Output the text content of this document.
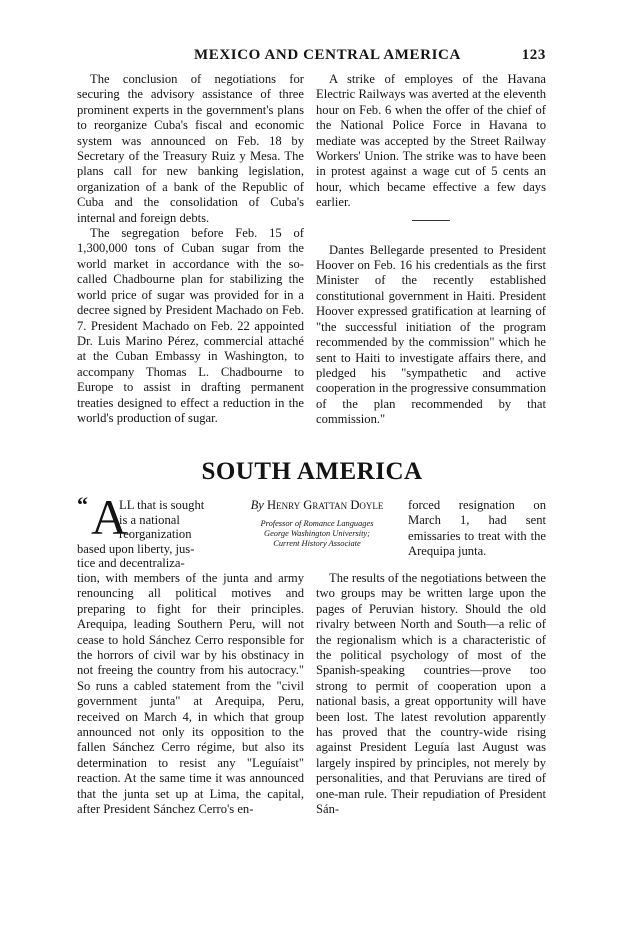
MEXICO AND CENTRAL AMERICA	123

The conclusion of negotiations for securing the advisory assistance of three prominent experts in the government's plans to reorganize Cuba's fiscal and economic system was announced on Feb. 18 by Secretary of the Treasury Ruiz y Mesa. The plans call for new banking legislation, organization of a bank of the Republic of Cuba and the consolidation of Cuba's internal and foreign debts.

The segregation before Feb. 15 of 1,300,000 tons of Cuban sugar from the world market in accordance with the so-called Chadbourne plan for stabilizing the world price of sugar was provided for in a decree signed by President Machado on Feb. 7. President Machado on Feb. 22 appointed Dr. Luis Marino Pérez, commercial attaché at the Cuban Embassy in Washington, to accompany Thomas L. Chadbourne to Europe to assist in drafting permanent treaties designed to effect a reduction in the world's production of sugar.

A strike of employes of the Havana Electric Railways was averted at the eleventh hour on Feb. 6 when the offer of the chief of the National Police Force in Havana to mediate was accepted by the Street Railway Workers' Union. The strike was to have been in protest against a wage cut of 5 cents an hour, which became effective a few days earlier.

Dantes Bellegarde presented to President Hoover on Feb. 16 his credentials as the first Minister of the recently established constitutional government in Haiti. President Hoover expressed gratification at learning of "the successful initiation of the program recommended by the commission" which he sent to Haiti to investigate affairs there, and pledged his "sympathetic and active cooperation in the progressive consummation of the plan recommended by that commission."

SOUTH AMERICA
“ A
LL that is sought
is a national
reorganization
based upon liberty, jus-
tice and decentraliza-
By Henry Grattan Doyle
Professor of Romance Languages
George Washington University;
Current History Associate

forced resignation on March 1, had sent emissaries to treat with the Arequipa junta.

tion, with members of the junta and army renouncing all political motives and preparing to fight for their principles. Arequipa, leading Southern Peru, will not cease to hold Sánchez Cerro responsible for the horrors of civil war by his obstinacy in not freeing the country from his autocracy." So runs a cabled statement from the "civil government junta" at Arequipa, Peru, received on March 4, in which that group announced not only its opposition to the fallen Sánchez Cerro régime, but also its determination to resist any "Leguíaist" reaction. At the same time it was announced that the junta set up at Lima, the capital, after President Sánchez Cerro's en-

The results of the negotiations between the two groups may be written large upon the pages of Peruvian history. Should the old rivalry between North and South—a relic of the regionalism which is a characteristic of the political psychology of most of the Spanish-speaking countries—prove too strong to permit of cooperation upon a national basis, a great opportunity will have been lost. The latest revolution apparently has proved that the country-wide rising against President Leguía last August was largely inspired by principles, not merely by personalities, and that Peruvians are tired of one-man rule. Their repudiation of President Sán-
